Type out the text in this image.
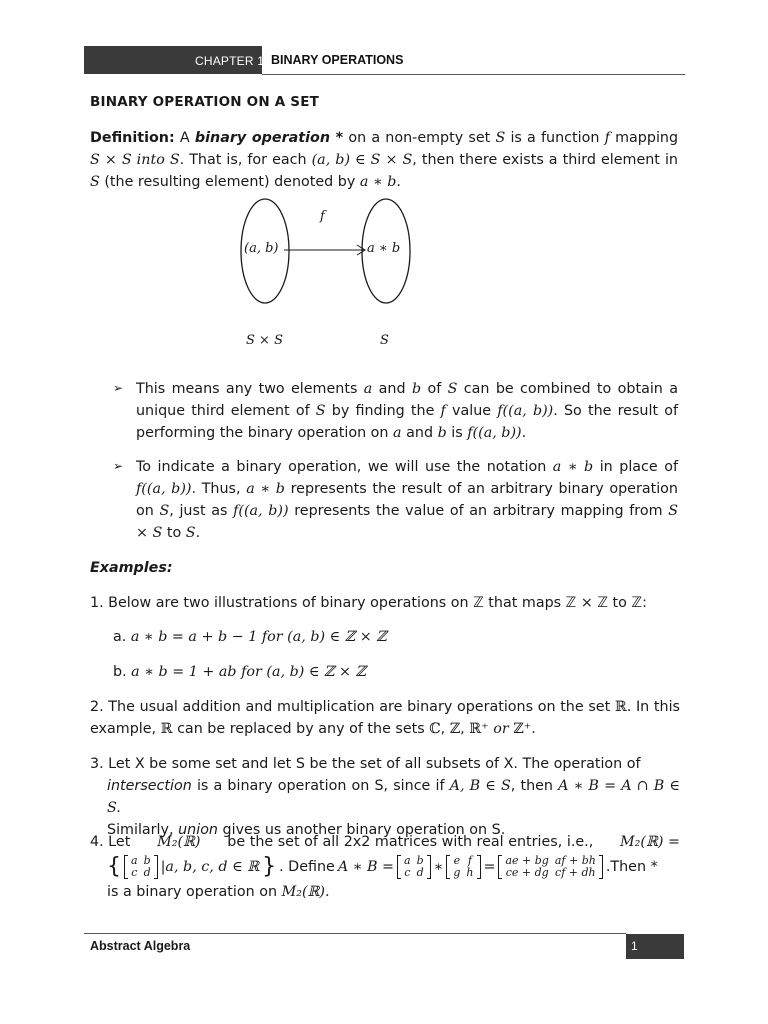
CHAPTER 1 BINARY OPERATIONS
BINARY OPERATION ON A SET
Definition: A binary operation * on a non-empty set S is a function f mapping S × S into S. That is, for each (a, b) ∈ S × S, then there exists a third element in S (the resulting element) denoted by a ∗ b.
f
(a, b)	a ∗ b
S × S	S
➢ This means any two elements a and b of S can be combined to obtain a unique third element of S by finding the f value f((a, b)). So the result of performing the binary operation on a and b is f((a, b)).
➢ To indicate a binary operation, we will use the notation a ∗ b in place of f((a, b)). Thus, a ∗ b represents the result of an arbitrary binary operation on S, just as f((a, b)) represents the value of an arbitrary mapping from S × S to S.
Examples:
1. Below are two illustrations of binary operations on ℤ that maps ℤ × ℤ to ℤ:
a. a ∗ b = a + b − 1 for (a, b) ∈ ℤ × ℤ
b. a ∗ b = 1 + ab for (a, b) ∈ ℤ × ℤ
2. The usual addition and multiplication are binary operations on the set ℝ. In this example, ℝ can be replaced by any of the sets ℂ, ℤ, ℝ⁺ or ℤ⁺.
3. Let X be some set and let S be the set of all subsets of X. The operation of
intersection is a binary operation on S, since if A, B ∈ S, then A ∗ B = A ∩ B ∈ S.
Similarly, union gives us another binary operation on S.
4. Let M₂(ℝ) be the set of all 2x2 matrices with real entries, i.e., M₂(ℝ) =
{ a	b
c	d |a, b, c, d ∈ ℝ } . Define A ∗ B = a	b
c	d ∗ e	f
g	h = ae + bg	af + bh
ce + dg	cf + dh .Then *
is a binary operation on M₂(ℝ).
Abstract Algebra	1
